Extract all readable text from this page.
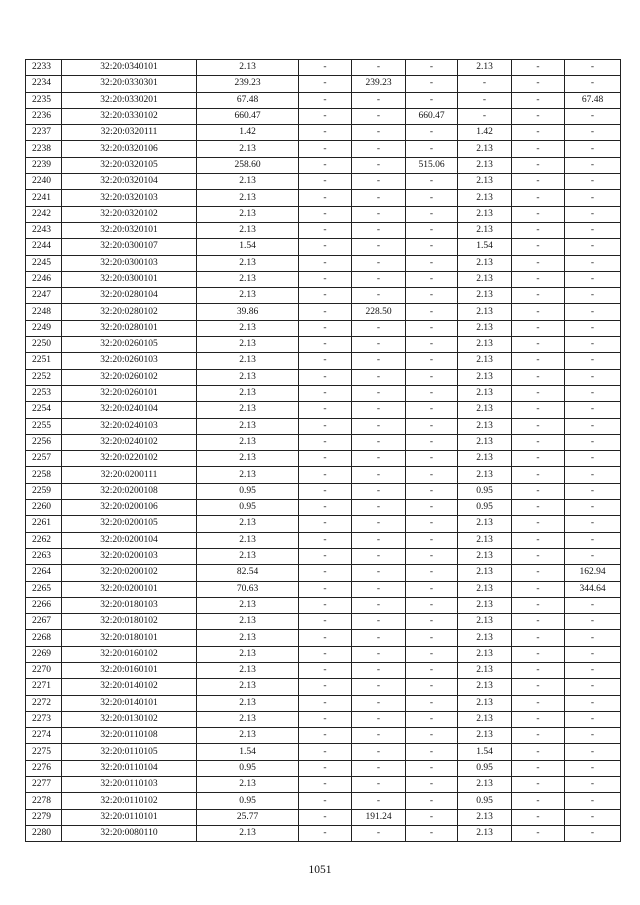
2233	32:20:0340101	2.13	-	-	-	2.13	-	-
2234	32:20:0330301	239.23	-	239.23	-	-	-	-
2235	32:20:0330201	67.48	-	-	-	-	-	67.48
2236	32:20:0330102	660.47	-	-	660.47	-	-	-
2237	32:20:0320111	1.42	-	-	-	1.42	-	-
2238	32:20:0320106	2.13	-	-	-	2.13	-	-
2239	32:20:0320105	258.60	-	-	515.06	2.13	-	-
2240	32:20:0320104	2.13	-	-	-	2.13	-	-
2241	32:20:0320103	2.13	-	-	-	2.13	-	-
2242	32:20:0320102	2.13	-	-	-	2.13	-	-
2243	32:20:0320101	2.13	-	-	-	2.13	-	-
2244	32:20:0300107	1.54	-	-	-	1.54	-	-
2245	32:20:0300103	2.13	-	-	-	2.13	-	-
2246	32:20:0300101	2.13	-	-	-	2.13	-	-
2247	32:20:0280104	2.13	-	-	-	2.13	-	-
2248	32:20:0280102	39.86	-	228.50	-	2.13	-	-
2249	32:20:0280101	2.13	-	-	-	2.13	-	-
2250	32:20:0260105	2.13	-	-	-	2.13	-	-
2251	32:20:0260103	2.13	-	-	-	2.13	-	-
2252	32:20:0260102	2.13	-	-	-	2.13	-	-
2253	32:20:0260101	2.13	-	-	-	2.13	-	-
2254	32:20:0240104	2.13	-	-	-	2.13	-	-
2255	32:20:0240103	2.13	-	-	-	2.13	-	-
2256	32:20:0240102	2.13	-	-	-	2.13	-	-
2257	32:20:0220102	2.13	-	-	-	2.13	-	-
2258	32:20:0200111	2.13	-	-	-	2.13	-	-
2259	32:20:0200108	0.95	-	-	-	0.95	-	-
2260	32:20:0200106	0.95	-	-	-	0.95	-	-
2261	32:20:0200105	2.13	-	-	-	2.13	-	-
2262	32:20:0200104	2.13	-	-	-	2.13	-	-
2263	32:20:0200103	2.13	-	-	-	2.13	-	-
2264	32:20:0200102	82.54	-	-	-	2.13	-	162.94
2265	32:20:0200101	70.63	-	-	-	2.13	-	344.64
2266	32:20:0180103	2.13	-	-	-	2.13	-	-
2267	32:20:0180102	2.13	-	-	-	2.13	-	-
2268	32:20:0180101	2.13	-	-	-	2.13	-	-
2269	32:20:0160102	2.13	-	-	-	2.13	-	-
2270	32:20:0160101	2.13	-	-	-	2.13	-	-
2271	32:20:0140102	2.13	-	-	-	2.13	-	-
2272	32:20:0140101	2.13	-	-	-	2.13	-	-
2273	32:20:0130102	2.13	-	-	-	2.13	-	-
2274	32:20:0110108	2.13	-	-	-	2.13	-	-
2275	32:20:0110105	1.54	-	-	-	1.54	-	-
2276	32:20:0110104	0.95	-	-	-	0.95	-	-
2277	32:20:0110103	2.13	-	-	-	2.13	-	-
2278	32:20:0110102	0.95	-	-	-	0.95	-	-
2279	32:20:0110101	25.77	-	191.24	-	2.13	-	-
2280	32:20:0080110	2.13	-	-	-	2.13	-	-
1051
